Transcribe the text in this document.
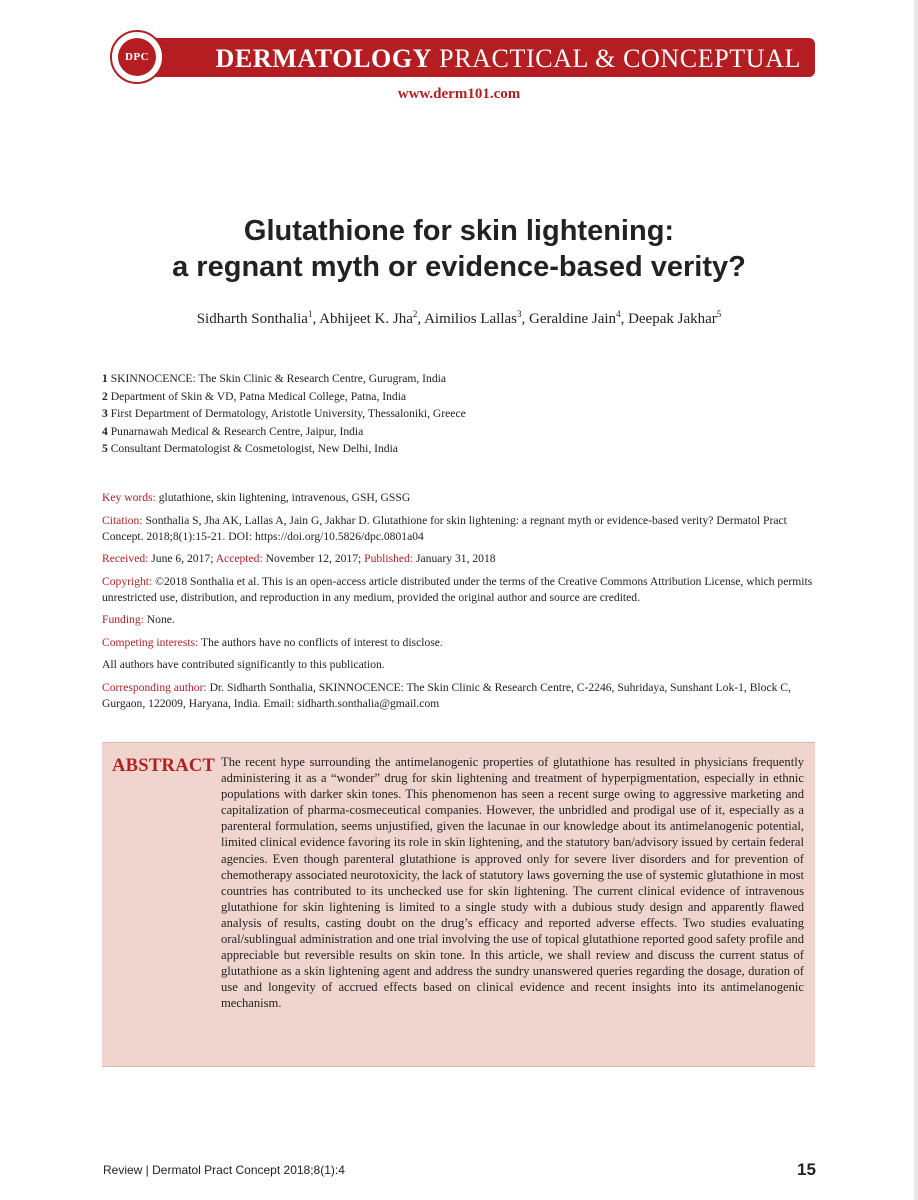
DERMATOLOGY PRACTICAL & CONCEPTUAL
DPC
www.derm101.com
Glutathione for skin lightening:
a regnant myth or evidence-based verity?
Sidharth Sonthalia$^1$, Abhijeet K. Jha$^2$, Aimilios Lallas$^3$, Geraldine Jain$^4$, Deepak Jakhar$^5$
1 SKINNOCENCE: The Skin Clinic & Research Centre, Gurugram, India
2 Department of Skin & VD, Patna Medical College, Patna, India
3 First Department of Dermatology, Aristotle University, Thessaloniki, Greece
4 Punarnawah Medical & Research Centre, Jaipur, India
5 Consultant Dermatologist & Cosmetologist, New Delhi, India

Key words: glutathione, skin lightening, intravenous, GSH, GSSG

Citation: Sonthalia S, Jha AK, Lallas A, Jain G, Jakhar D. Glutathione for skin lightening: a regnant myth or evidence-based verity? Dermatol Pract Concept. 2018;8(1):15-21. DOI: https://doi.org/10.5826/dpc.0801a04

Received: June 6, 2017; Accepted: November 12, 2017; Published: January 31, 2018

Copyright: ©2018 Sonthalia et al. This is an open-access article distributed under the terms of the Creative Commons Attribution License, which permits unrestricted use, distribution, and reproduction in any medium, provided the original author and source are credited.

Funding: None.

Competing interests: The authors have no conflicts of interest to disclose.

All authors have contributed significantly to this publication.

Corresponding author: Dr. Sidharth Sonthalia, SKINNOCENCE: The Skin Clinic & Research Centre, C-2246, Suhridaya, Sunshant Lok-1, Block C, Gurgaon, 122009, Haryana, India. Email: sidharth.sonthalia@gmail.com

ABSTRACT The recent hype surrounding the antimelanogenic properties of glutathione has resulted in physicians frequently administering it as a “wonder” drug for skin lightening and treatment of hyperpigmentation, especially in ethnic populations with darker skin tones. This phenomenon has seen a recent surge owing to aggressive marketing and capitalization of pharma-cosmeceutical companies. However, the unbridled and prodigal use of it, especially as a parenteral formulation, seems unjustified, given the lacunae in our knowledge about its antimelanogenic potential, limited clinical evidence favoring its role in skin lightening, and the statutory ban/advisory issued by certain federal agencies. Even though parenteral glutathione is approved only for severe liver disorders and for prevention of chemotherapy associated neurotoxicity, the lack of statutory laws governing the use of systemic glutathione in most countries has contributed to its unchecked use for skin lightening. The current clinical evidence of intravenous glutathione for skin lightening is limited to a single study with a dubious study design and apparently flawed analysis of results, casting doubt on the drug’s efficacy and reported adverse effects. Two studies evaluating oral/sublingual administration and one trial involving the use of topical glutathione reported good safety profile and appreciable but reversible results on skin tone. In this article, we shall review and discuss the current status of glutathione as a skin lightening agent and address the sundry unanswered queries regarding the dosage, duration of use and longevity of accrued effects based on clinical evidence and recent insights into its antimelanogenic mechanism.
Review | Dermatol Pract Concept 2018;8(1):4	15
